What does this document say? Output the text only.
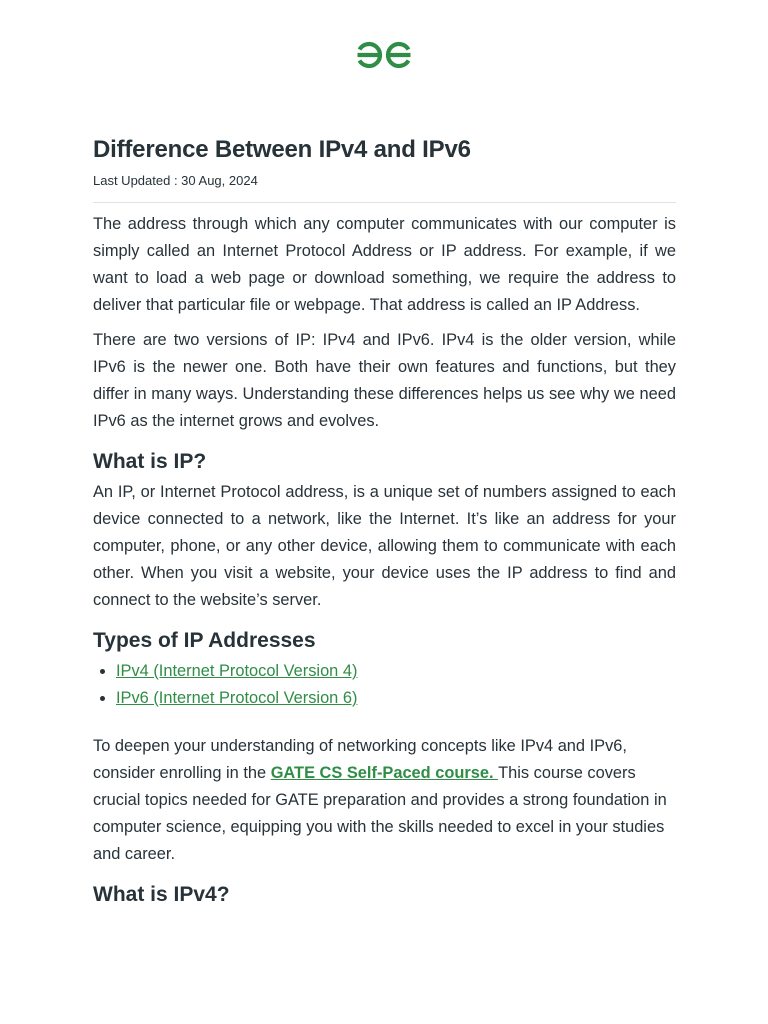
Difference Between IPv4 and IPv6
Last Updated : 30 Aug, 2024

The address through which any computer communicates with our computer is simply called an Internet Protocol Address or IP address. For example, if we want to load a web page or download something, we require the address to deliver that particular file or webpage. That address is called an IP Address.

There are two versions of IP: IPv4 and IPv6. IPv4 is the older version, while IPv6 is the newer one. Both have their own features and functions, but they differ in many ways. Understanding these differences helps us see why we need IPv6 as the internet grows and evolves.

What is IP?

An IP, or Internet Protocol address, is a unique set of numbers assigned to each device connected to a network, like the Internet. It’s like an address for your computer, phone, or any other device, allowing them to communicate with each other. When you visit a website, your device uses the IP address to find and connect to the website’s server.

Types of IP Addresses
• IPv4 (Internet Protocol Version 4)
• IPv6 (Internet Protocol Version 6)

To deepen your understanding of networking concepts like IPv4 and IPv6, consider enrolling in the GATE CS Self-Paced course. This course covers crucial topics needed for GATE preparation and provides a strong foundation in computer science, equipping you with the skills needed to excel in your studies and career.

What is IPv4?
